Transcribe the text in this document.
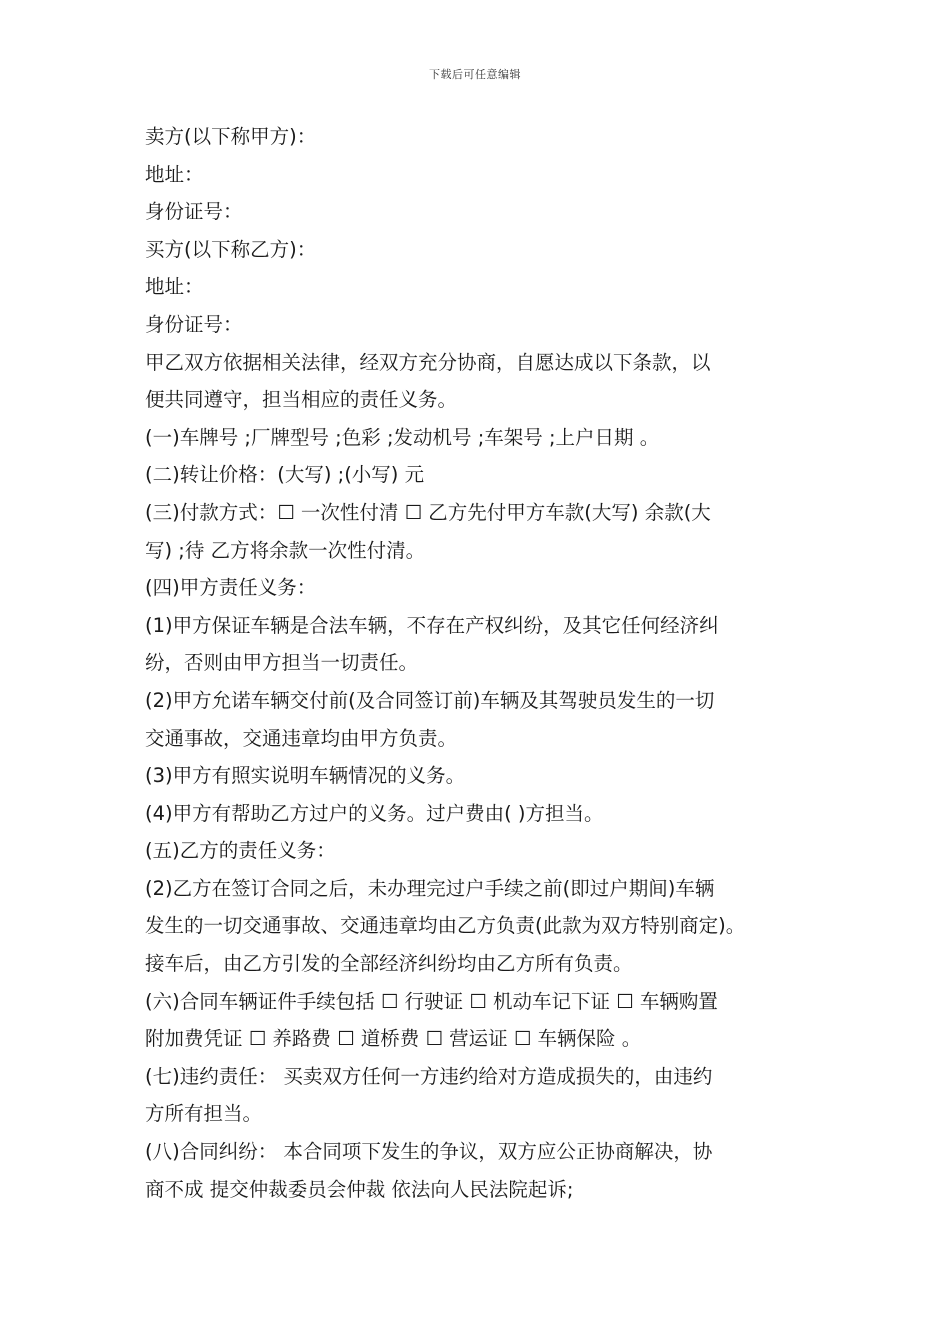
下载后可任意编辑
卖方(以下称甲方)：
地址：
身份证号：
买方(以下称乙方)：
地址：
身份证号：
甲乙双方依据相关法律，经双方充分协商，自愿达成以下条款，以
便共同遵守，担当相应的责任义务。
(一)车牌号 ;厂牌型号 ;色彩 ;发动机号 ;车架号 ;上户日期 。
(二)转让价格：(大写) ;(小写) 元
(三)付款方式：☐ 一次性付清 ☐ 乙方先付甲方车款(大写) 余款(大
写) ;待 乙方将余款一次性付清。
(四)甲方责任义务：
(1)甲方保证车辆是合法车辆，不存在产权纠纷，及其它任何经济纠
纷，否则由甲方担当一切责任。
(2)甲方允诺车辆交付前(及合同签订前)车辆及其驾驶员发生的一切
交通事故，交通违章均由甲方负责。
(3)甲方有照实说明车辆情况的义务。
(4)甲方有帮助乙方过户的义务。过户费由( )方担当。
(五)乙方的责任义务：
(2)乙方在签订合同之后，未办理完过户手续之前(即过户期间)车辆
发生的一切交通事故、交通违章均由乙方负责(此款为双方特别商定)。
接车后，由乙方引发的全部经济纠纷均由乙方所有负责。
(六)合同车辆证件手续包括 ☐ 行驶证 ☐ 机动车记下证 ☐ 车辆购置
附加费凭证 ☐ 养路费 ☐ 道桥费 ☐ 营运证 ☐ 车辆保险 。
(七)违约责任： 买卖双方任何一方违约给对方造成损失的，由违约
方所有担当。
(八)合同纠纷： 本合同项下发生的争议，双方应公正协商解决，协
商不成 提交仲裁委员会仲裁 依法向人民法院起诉;
